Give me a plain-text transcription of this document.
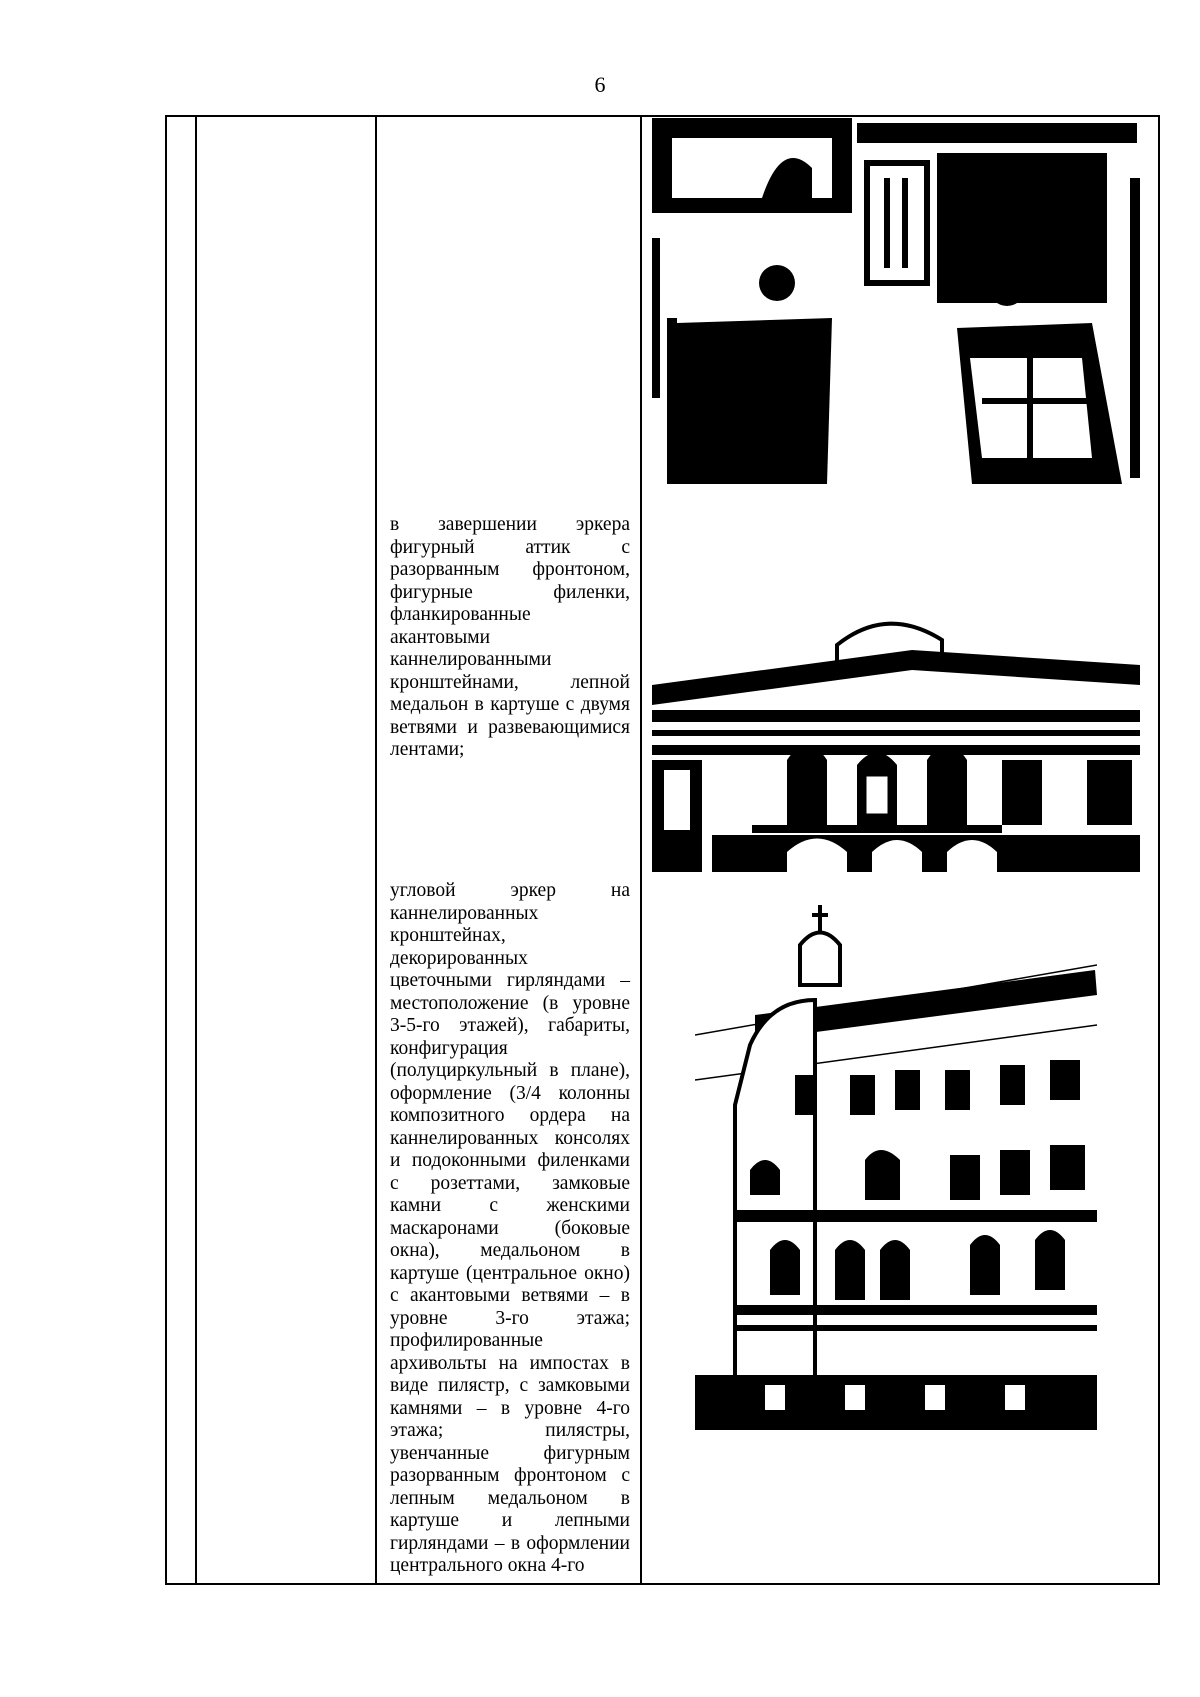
6

в завершении эркера фигурный аттик с разорванным фронтоном, фигурные филенки, фланкированные акантовыми каннелированными кронштейнами, лепной медальон в картуше с двумя ветвями и развевающимися лентами;

угловой эркер на каннелированных кронштейнах, декорированных цветочными гирляндами – местоположение (в уровне 3-5-го этажей), габариты, конфигурация (полуциркульный в плане), оформление (3/4 колонны композитного ордера на каннелированных консолях и подоконными филенками с розеттами, замковые камни с женскими маскаронами (боковые окна), медальоном в картуше (центральное окно) с акантовыми ветвями – в уровне 3-го этажа; профилированные архивольты на импостах в виде пилястр, с замковыми камнями – в уровне 4-го этажа; пилястры, увенчанные фигурным разорванным фронтоном с лепным медальоном в картуше и лепными гирляндами – в оформлении центрального окна 4-го
